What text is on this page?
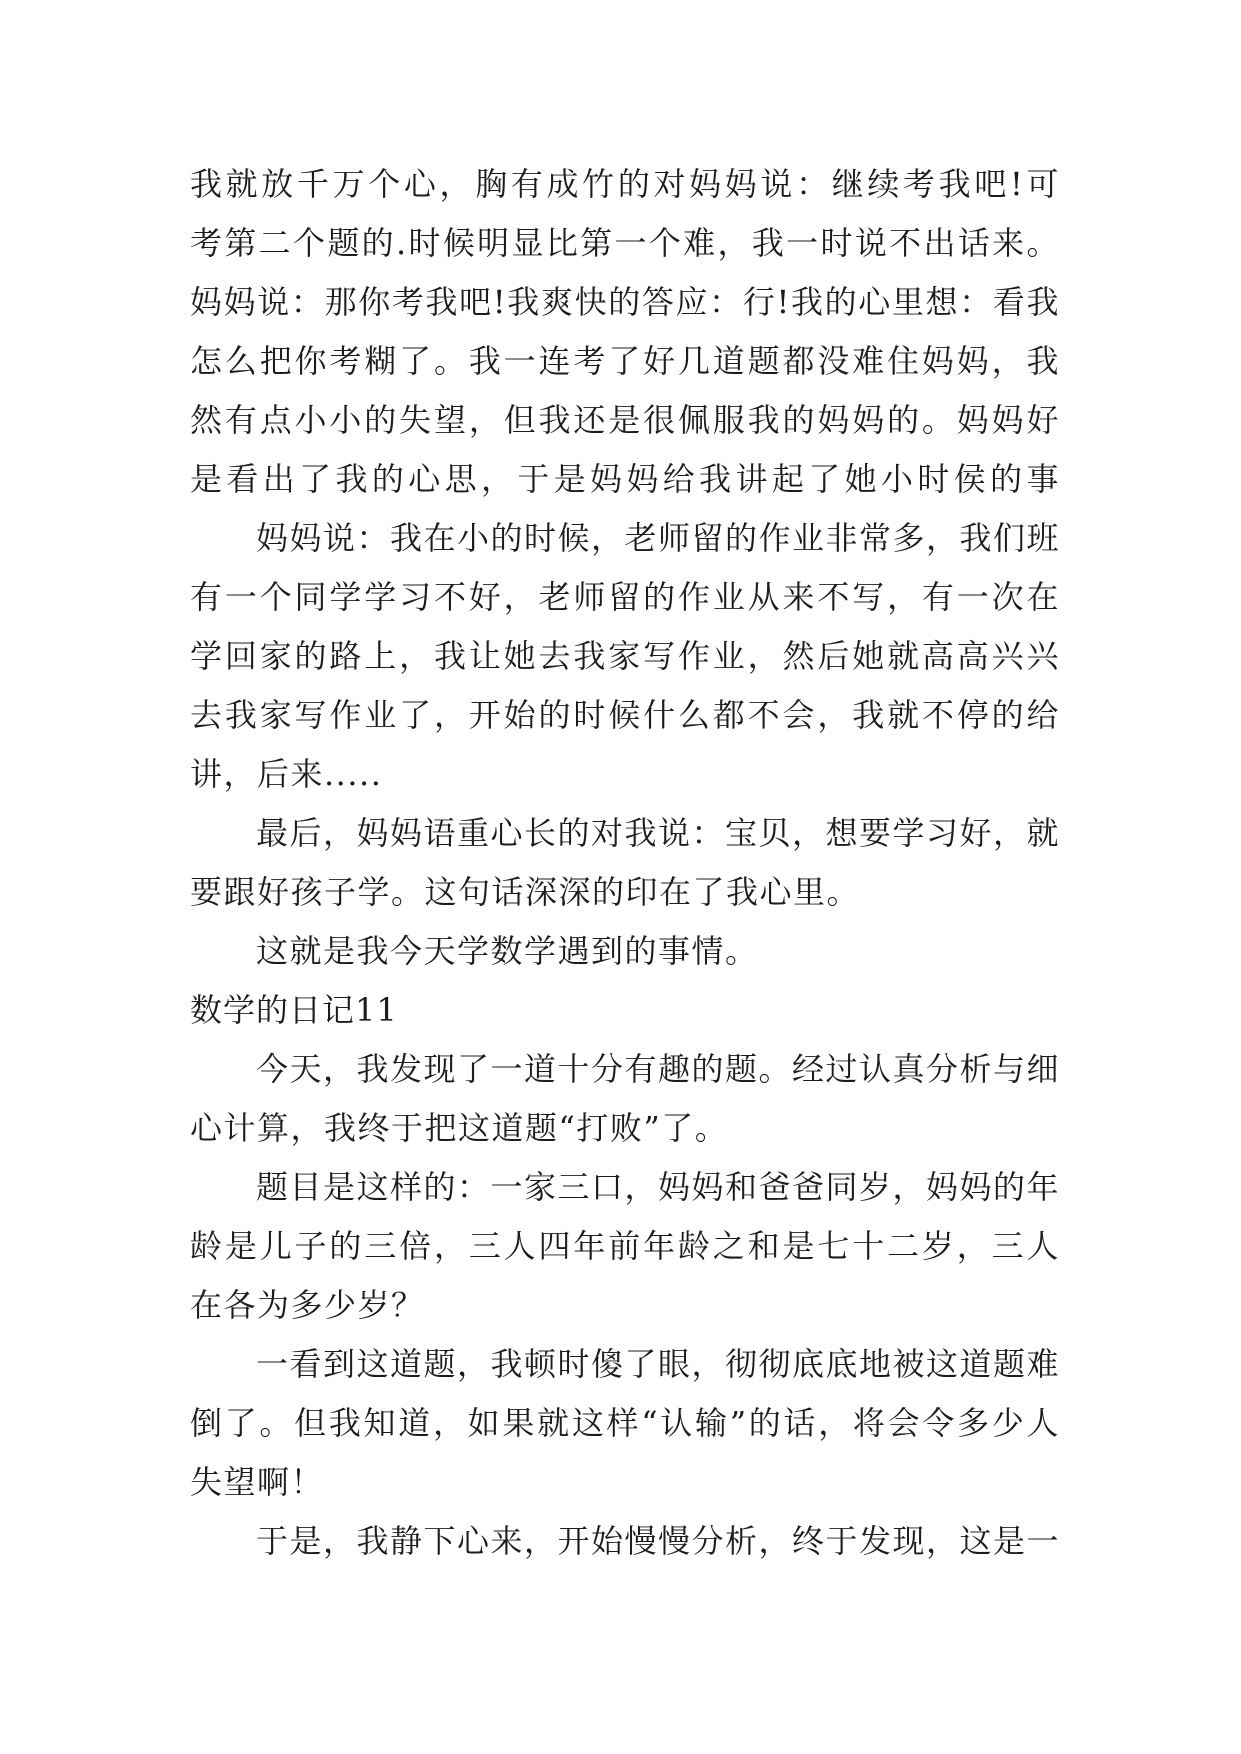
我就放千万个心，胸有成竹的对妈妈说：继续考我吧!可
考第二个题的.时候明显比第一个难，我一时说不出话来。
妈妈说：那你考我吧!我爽快的答应：行!我的心里想：看我
怎么把你考糊了。我一连考了好几道题都没难住妈妈，我
然有点小小的失望，但我还是很佩服我的妈妈的。妈妈好
是看出了我的心思，于是妈妈给我讲起了她小时侯的事
妈妈说：我在小的时候，老师留的作业非常多，我们班
有一个同学学习不好，老师留的作业从来不写，有一次在
学回家的路上，我让她去我家写作业，然后她就高高兴兴
去我家写作业了，开始的时候什么都不会，我就不停的给
讲，后来.....
最后，妈妈语重心长的对我说：宝贝，想要学习好，就
要跟好孩子学。这句话深深的印在了我心里。
这就是我今天学数学遇到的事情。
数学的日记11
今天，我发现了一道十分有趣的题。经过认真分析与细
心计算，我终于把这道题“打败”了。
题目是这样的：一家三口，妈妈和爸爸同岁，妈妈的年
龄是儿子的三倍，三人四年前年龄之和是七十二岁，三人
在各为多少岁？
一看到这道题，我顿时傻了眼，彻彻底底地被这道题难
倒了。但我知道，如果就这样“认输”的话，将会令多少人
失望啊！
于是，我静下心来，开始慢慢分析，终于发现，这是一
